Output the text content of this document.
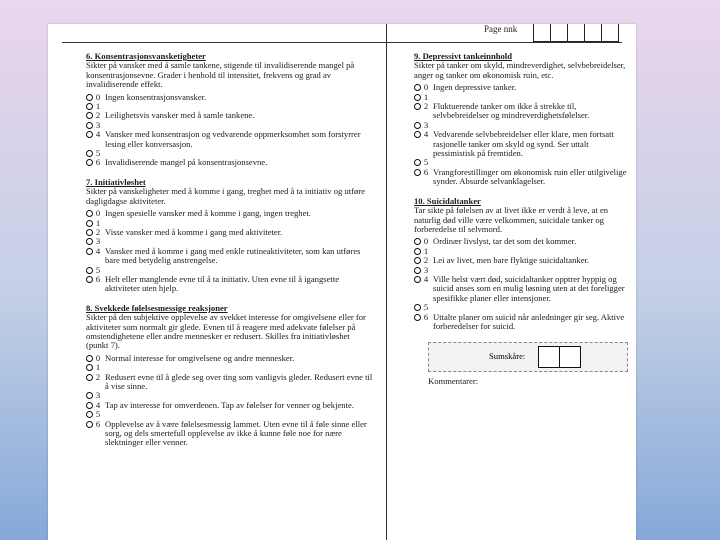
Page nnk
6. Konsentrasjonsvansketigheter
Sikter på vansker med å samle tankene, stigende til invalidiserende mangel på konsentrasjonsevne. Grader i henhold til intensitet, frekvens og grad av invalidiserende effekt.
0 Ingen konsentrasjonsvansker.
1
2 Leilighetsvis vansker med å samle tankene.
3
4 Vansker med konsentrasjon og vedvarende oppmerksomhet som forstyrrer lesing eller konversasjon.
5
6 Invalidiserende mangel på konsentrasjonsevne.
7. Initiativløshet
Sikter på vanskeligheter med å komme i gang, treghet med å ta initiativ og utføre dagligdagse aktiviteter.
0 Ingen spesielle vansker med å komme i gang, ingen treghet.
1
2 Visse vansker med å komme i gang med aktiviteter.
3
4 Vansker med å komme i gang med enkle rutineaktiviteter, som kan utføres bare med betydelig anstrengelse.
5
6 Helt eller manglende evne til å ta initiativ. Uten evne til å igangsette aktiviteter uten hjelp.
8. Svekkede følelsesmessige reaksjoner
Sikter på den subjektive opplevelse av svekket interesse for omgivelsene eller for aktiviteter som normalt gir glede. Evnen til å reagere med adekvate følelser på omstendighetene eller andre mennesker er redusert. Skilles fra initiativløshet (punkt 7).
0 Normal interesse for omgivelsene og andre mennesker.
1
2 Redusert evne til å glede seg over ting som vanligvis gleder. Redusert evne til å vise sinne.
3
4 Tap av interesse for omverdenen. Tap av følelser for venner og bekjente.
5
6 Opplevelse av å være følelsesmessig lammet. Uten evne til å føle sinne eller sorg, og dels smertefull opplevelse av ikke å kunne føle noe for nære slektninger eller venner.
9. Depressivt tankeinnhold
Sikter på tanker om skyld, mindreverdighet, selvbebreidelser, anger og tanker om økonomisk ruin, etc.
0 Ingen depressive tanker.
1
2 Fluktuerende tanker om ikke å strekke til, selvbebreidelser og mindreverdighetsfølelser.
3
4 Vedvarende selvbebreidelser eller klare, men fortsatt rasjonelle tanker om skyld og synd. Ser uttalt pessimistisk på fremtiden.
5
6 Vrangforestillinger om økonomisk ruin eller utilgivelige synder. Absurde selvanklagelser.
10. Suicidaltanker
Tar sikte på følelsen av at livet ikke er verdt å leve, at en naturlig død ville være velkommen, suicidale tanker og forberedelse til selvmord.
0 Ordinær livslyst, tar det som det kommer.
1
2 Lei av livet, men bare flyktige suicidaltanker.
3
4 Ville helst vært død, suicidaltanker opptrer hyppig og suicid anses som en mulig løsning uten at det foreligger spesifikke planer eller intensjoner.
5
6 Uttalte planer om suicid når anledninger gir seg. Aktive forberedelser for suicid.
Sumskåre:
Kommentarer:
